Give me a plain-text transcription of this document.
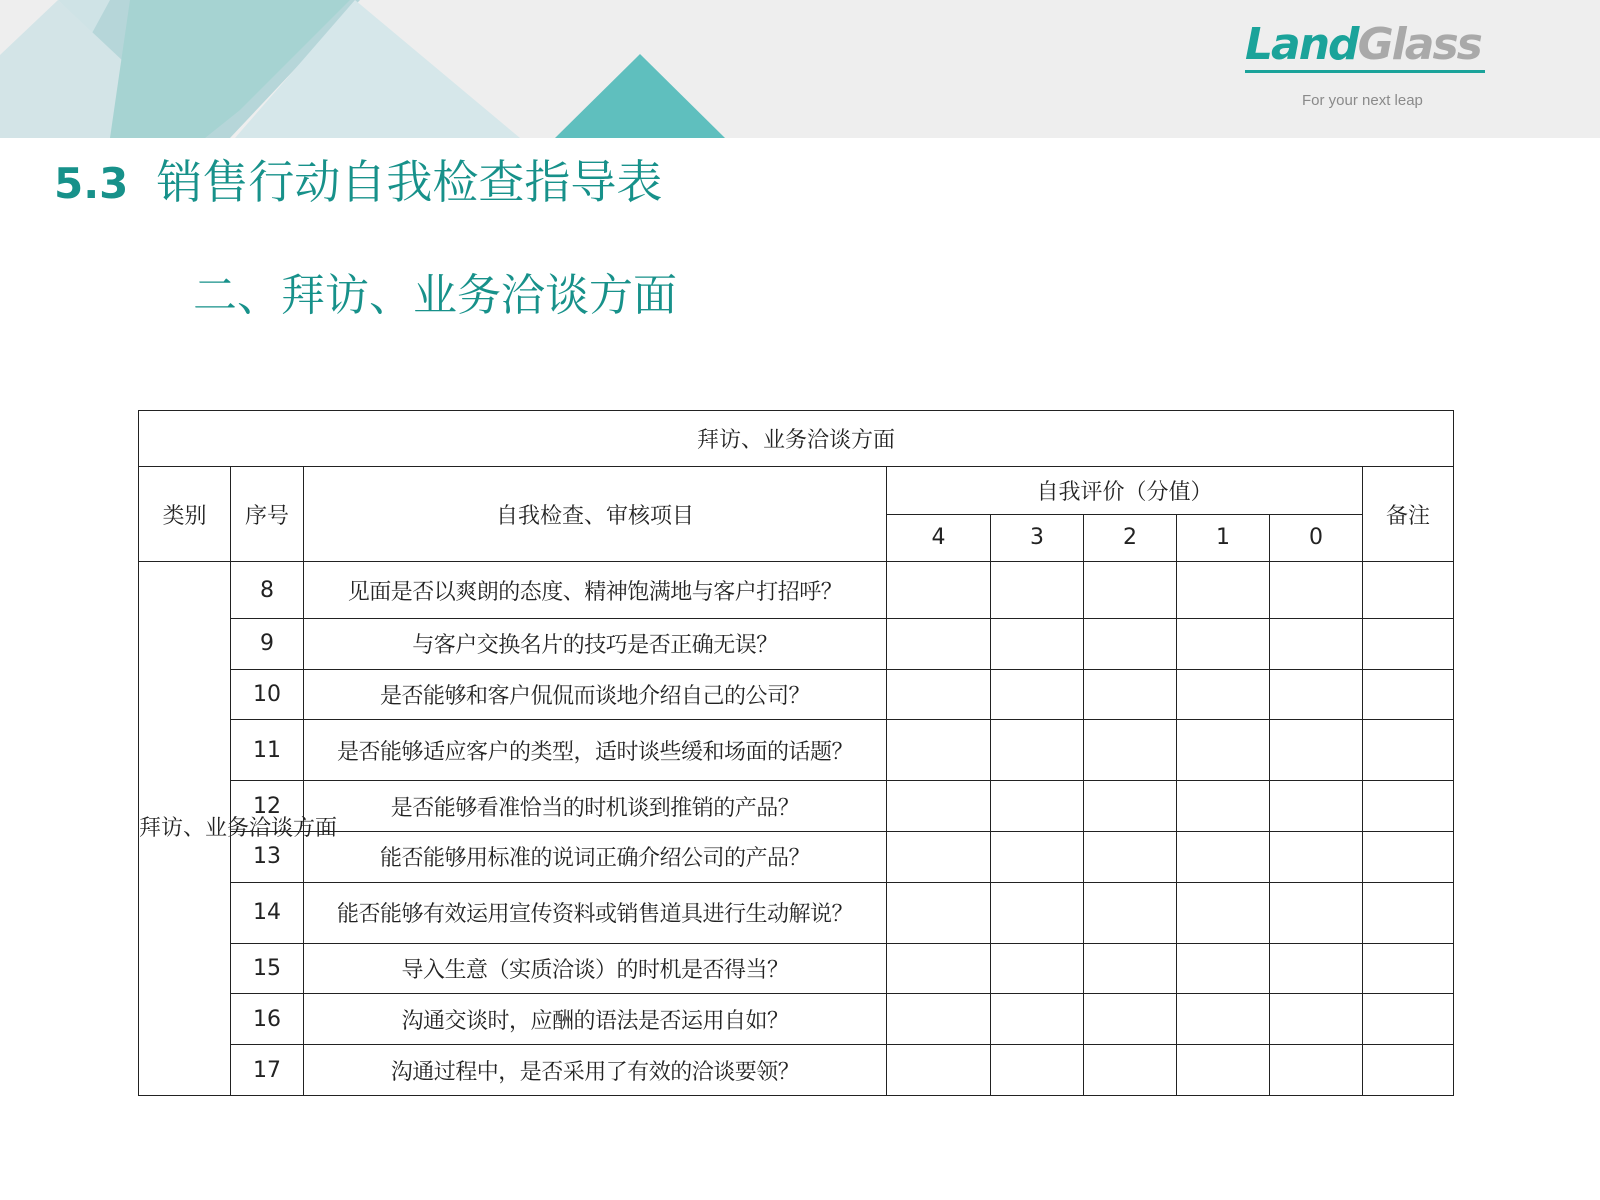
LandGlass
For your next leap
5.3 销售行动自我检查指导表
二、拜访、业务洽谈方面
拜访、业务洽谈方面								
类别	序号	自我检查、审核项目	自我评价（分值）					备注
			4	3	2	1	0	
拜访、业务洽谈方面	8	见面是否以爽朗的态度、精神饱满地与客户打招呼？						
	9	与客户交换名片的技巧是否正确无误？						
	10	是否能够和客户侃侃而谈地介绍自己的公司？						
	11	是否能够适应客户的类型，适时谈些缓和场面的话题？						
	12	是否能够看准恰当的时机谈到推销的产品？						
	13	能否能够用标准的说词正确介绍公司的产品？						
	14	能否能够有效运用宣传资料或销售道具进行生动解说？						
	15	导入生意（实质洽谈）的时机是否得当？						
	16	沟通交谈时，应酬的语法是否运用自如？						
	17	沟通过程中，是否采用了有效的洽谈要领？						
